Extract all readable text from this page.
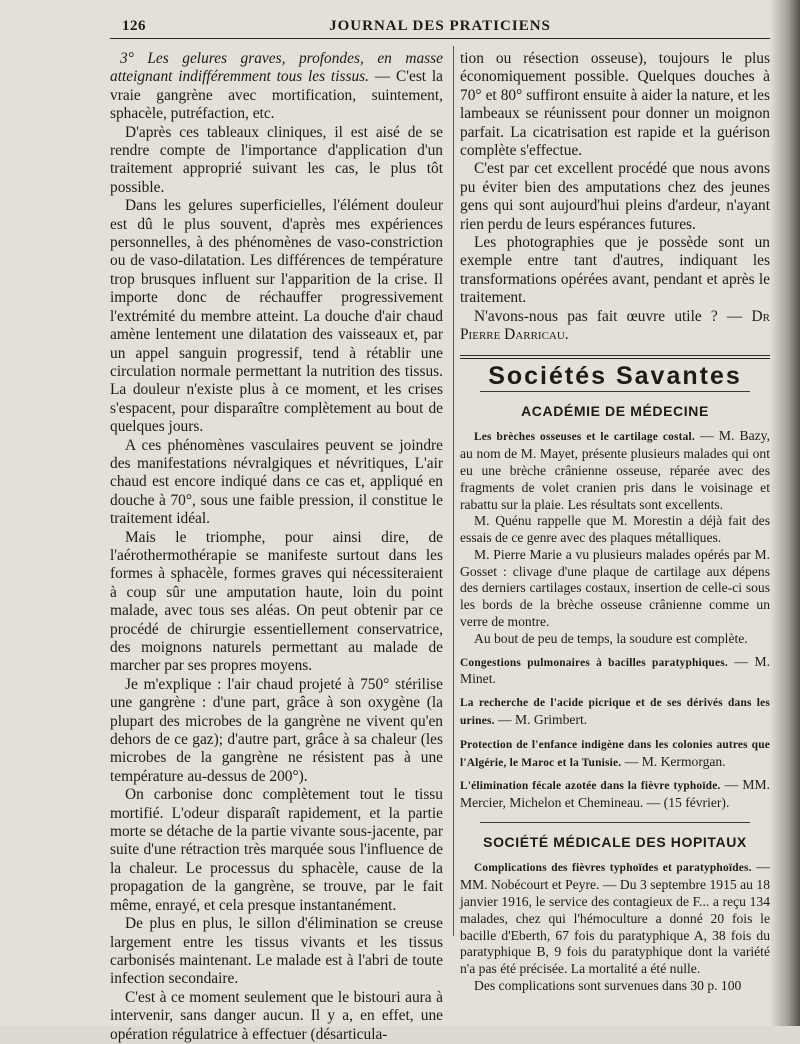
126	JOURNAL DES PRATICIENS

3° Les gelures graves, profondes, en masse atteignant indifféremment tous les tissus. — C'est la vraie gangrène avec mortification, suintement, sphacèle, putréfaction, etc.

D'après ces tableaux cliniques, il est aisé de se rendre compte de l'importance d'application d'un traitement approprié suivant les cas, le plus tôt possible.

Dans les gelures superficielles, l'élément douleur est dû le plus souvent, d'après mes expériences personnelles, à des phénomènes de vaso-constriction ou de vaso-dilatation. Les différences de température trop brusques influent sur l'apparition de la crise. Il importe donc de réchauffer progressivement l'extrémité du membre atteint. La douche d'air chaud amène lentement une dilatation des vaisseaux et, par un appel sanguin progressif, tend à rétablir une circulation normale permettant la nutrition des tissus. La douleur n'existe plus à ce moment, et les crises s'espacent, pour disparaître complètement au bout de quelques jours.

A ces phénomènes vasculaires peuvent se joindre des manifestations névralgiques et névritiques, L'air chaud est encore indiqué dans ce cas et, appliqué en douche à 70°, sous une faible pression, il constitue le traitement idéal.

Mais le triomphe, pour ainsi dire, de l'aérothermothérapie se manifeste surtout dans les formes à sphacèle, formes graves qui nécessiteraient à coup sûr une amputation haute, loin du point malade, avec tous ses aléas. On peut obtenir par ce procédé de chirurgie essentiellement conservatrice, des moignons naturels permettant au malade de marcher par ses propres moyens.

Je m'explique : l'air chaud projeté à 750° stérilise une gangrène : d'une part, grâce à son oxygène (la plupart des microbes de la gangrène ne vivent qu'en dehors de ce gaz); d'autre part, grâce à sa chaleur (les microbes de la gangrène ne résistent pas à une température au-dessus de 200°).

On carbonise donc complètement tout le tissu mortifié. L'odeur disparaît rapidement, et la partie morte se détache de la partie vivante sous-jacente, par suite d'une rétraction très marquée sous l'influence de la chaleur. Le processus du sphacèle, cause de la propagation de la gangrène, se trouve, par le fait même, enrayé, et cela presque instantanément.

De plus en plus, le sillon d'élimination se creuse largement entre les tissus vivants et les tissus carbonisés maintenant. Le malade est à l'abri de toute infection secondaire.

C'est à ce moment seulement que le bistouri aura à intervenir, sans danger aucun. Il y a, en effet, une opération régulatrice à effectuer (désarticula-

tion ou résection osseuse), toujours le plus économiquement possible. Quelques douches à 70° et 80° suffiront ensuite à aider la nature, et les lambeaux se réunissent pour donner un moignon parfait. La cicatrisation est rapide et la guérison complète s'effectue.

C'est par cet excellent procédé que nous avons pu éviter bien des amputations chez des jeunes gens qui sont aujourd'hui pleins d'ardeur, n'ayant rien perdu de leurs espérances futures.

Les photographies que je possède sont un exemple entre tant d'autres, indiquant les transformations opérées avant, pendant et après le traitement.

N'avons-nous pas fait œuvre utile ? — Dr Pierre Darricau.

Sociétés Savantes
ACADÉMIE DE MÉDECINE

Les brèches osseuses et le cartilage costal. — M. Bazy, au nom de M. Mayet, présente plusieurs malades qui ont eu une brèche crânienne osseuse, réparée avec des fragments de volet cranien pris dans le voisinage et rabattu sur la plaie. Les résultats sont excellents.

M. Quénu rappelle que M. Morestin a déjà fait des essais de ce genre avec des plaques métalliques.

M. Pierre Marie a vu plusieurs malades opérés par M. Gosset : clivage d'une plaque de cartilage aux dépens des derniers cartilages costaux, insertion de celle-ci sous les bords de la brèche osseuse crânienne comme un verre de montre.

Au bout de peu de temps, la soudure est complète.

Congestions pulmonaires à bacilles paratyphiques. — M. Minet.

La recherche de l'acide picrique et de ses dérivés dans les urines. — M. Grimbert.

Protection de l'enfance indigène dans les colonies autres que l'Algérie, le Maroc et la Tunisie. — M. Kermorgan.

L'élimination fécale azotée dans la fièvre typhoïde. — MM. Mercier, Michelon et Chemineau. — (15 février).

SOCIÉTÉ MÉDICALE DES HOPITAUX

Complications des fièvres typhoïdes et paratyphoïdes. — MM. Nobécourt et Peyre. — Du 3 septembre 1915 au 18 janvier 1916, le service des contagieux de F... a reçu 134 malades, chez qui l'hémoculture a donné 20 fois le bacille d'Eberth, 67 fois du paratyphique A, 38 fois du paratyphique B, 9 fois du paratyphique dont la variété n'a pas été précisée. La mortalité a été nulle.

Des complications sont survenues dans 30 p. 100
